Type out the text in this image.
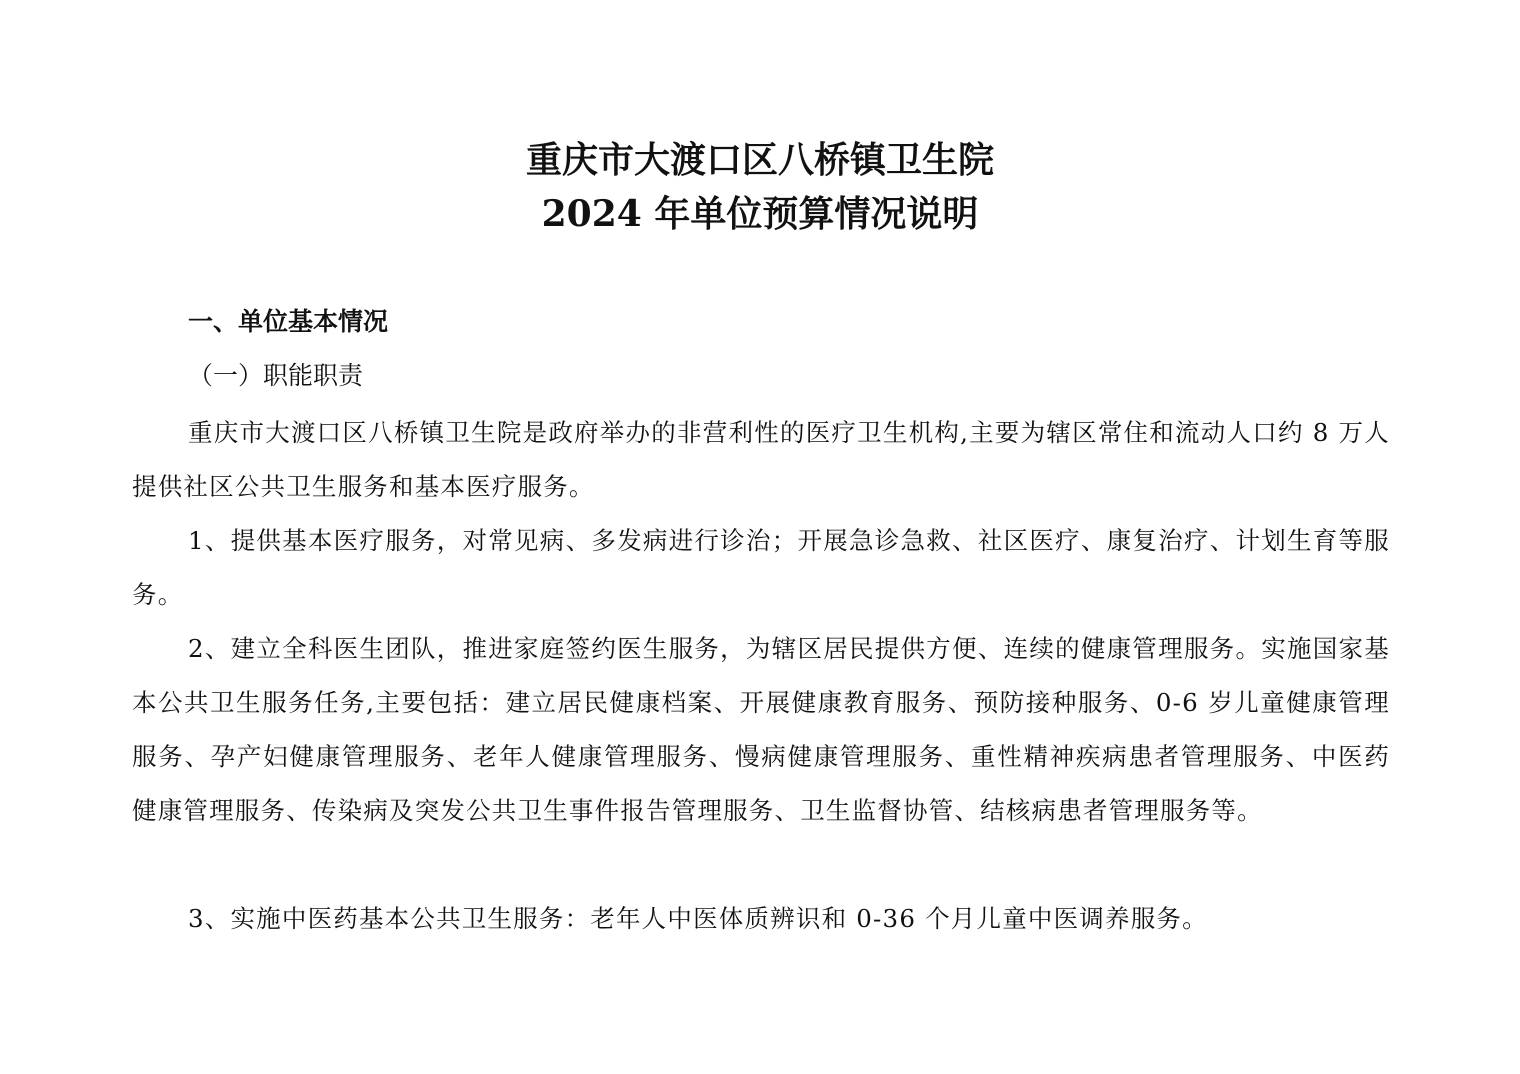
重庆市大渡口区八桥镇卫生院
2024 年单位预算情况说明
一、单位基本情况
（一）职能职责
重庆市大渡口区八桥镇卫生院是政府举办的非营利性的医疗卫生机构,主要为辖区常住和流动人口约 8 万人提供社区公共卫生服务和基本医疗服务。
1、提供基本医疗服务，对常见病、多发病进行诊治；开展急诊急救、社区医疗、康复治疗、计划生育等服务。
2、建立全科医生团队，推进家庭签约医生服务，为辖区居民提供方便、连续的健康管理服务。实施国家基本公共卫生服务任务,主要包括：建立居民健康档案、开展健康教育服务、预防接种服务、0-6 岁儿童健康管理服务、孕产妇健康管理服务、老年人健康管理服务、慢病健康管理服务、重性精神疾病患者管理服务、中医药健康管理服务、传染病及突发公共卫生事件报告管理服务、卫生监督协管、结核病患者管理服务等。
3、实施中医药基本公共卫生服务：老年人中医体质辨识和 0-36 个月儿童中医调养服务。
